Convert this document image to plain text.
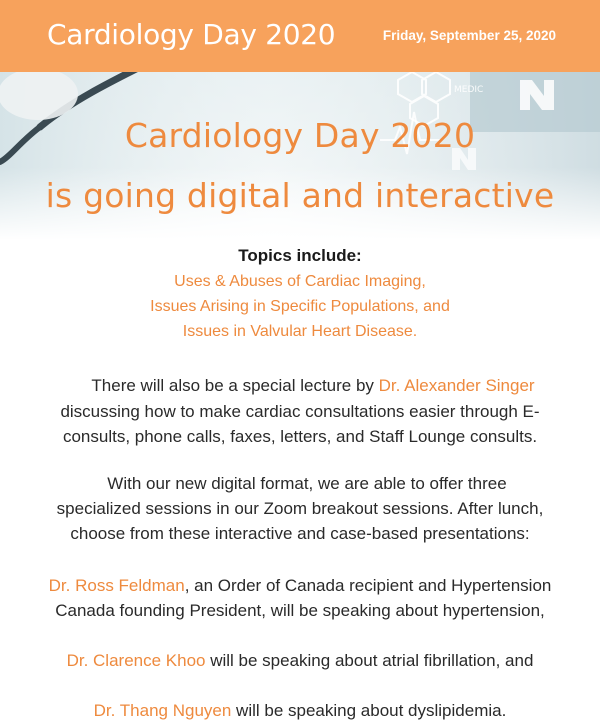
Cardiology Day 2020	Friday, September 25, 2020
MEDIC
Cardiology Day 2020
is going digital and interactive
Topics include:
Uses & Abuses of Cardiac Imaging,
Issues Arising in Specific Populations, and
Issues in Valvular Heart Disease.
There will also be a special lecture by Dr. Alexander Singer
discussing how to make cardiac consultations easier through E-
consults, phone calls, faxes, letters, and Staff Lounge consults.
With our new digital format, we are able to offer three
specialized sessions in our Zoom breakout sessions. After lunch,
choose from these interactive and case-based presentations:
Dr. Ross Feldman, an Order of Canada recipient and Hypertension
Canada founding President, will be speaking about hypertension,
Dr. Clarence Khoo will be speaking about atrial fibrillation, and
Dr. Thang Nguyen will be speaking about dyslipidemia.
